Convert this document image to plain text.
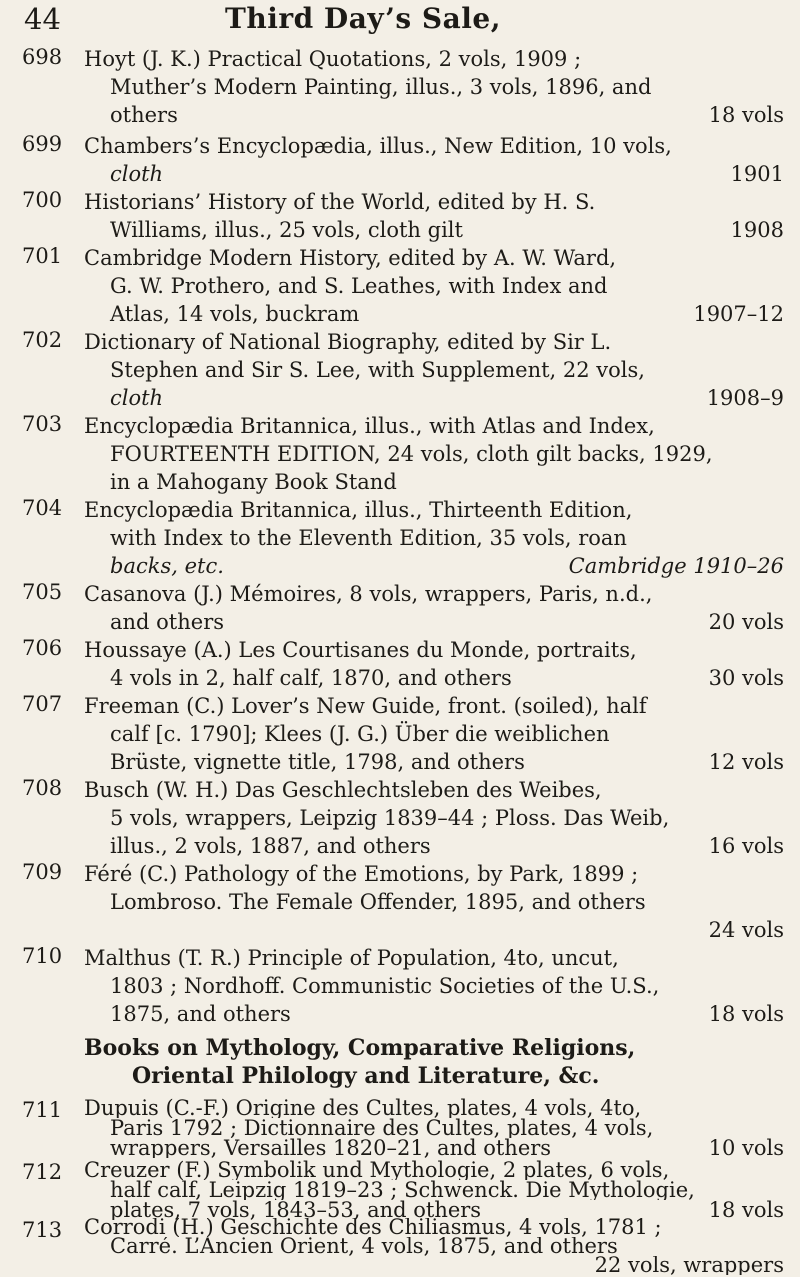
44	Third Day’s Sale,
698 Hoyt (J. K.) Practical Quotations, 2 vols, 1909 ;
Muther’s Modern Painting, illus., 3 vols, 1896, and
others	18 vols
699 Chambers’s Encyclopædia, illus., New Edition, 10 vols,
cloth	1901
700 Historians’ History of the World, edited by H. S.
Williams, illus., 25 vols, cloth gilt	1908
701 Cambridge Modern History, edited by A. W. Ward,
G. W. Prothero, and S. Leathes, with Index and
Atlas, 14 vols, buckram	1907–12
702 Dictionary of National Biography, edited by Sir L.
Stephen and Sir S. Lee, with Supplement, 22 vols,
cloth	1908–9
703 Encyclopædia Britannica, illus., with Atlas and Index,
FOURTEENTH EDITION, 24 vols, cloth gilt backs, 1929,
in a Mahogany Book Stand
704 Encyclopædia Britannica, illus., Thirteenth Edition,
with Index to the Eleventh Edition, 35 vols, roan
backs, etc.	Cambridge 1910–26
705 Casanova (J.) Mémoires, 8 vols, wrappers, Paris, n.d.,
and others	20 vols
706 Houssaye (A.) Les Courtisanes du Monde, portraits,
4 vols in 2, half calf, 1870, and others	30 vols
707 Freeman (C.) Lover’s New Guide, front. (soiled), half
calf [c. 1790]; Klees (J. G.) Über die weiblichen
Brüste, vignette title, 1798, and others	12 vols
708 Busch (W. H.) Das Geschlechtsleben des Weibes,
5 vols, wrappers, Leipzig 1839–44 ; Ploss. Das Weib,
illus., 2 vols, 1887, and others	16 vols
709 Féré (C.) Pathology of the Emotions, by Park, 1899 ;
Lombroso. The Female Offender, 1895, and others
24 vols
710 Malthus (T. R.) Principle of Population, 4to, uncut,
1803 ; Nordhoff. Communistic Societies of the U.S.,
1875, and others	18 vols
Books on Mythology, Comparative Religions,
Oriental Philology and Literature, &c.
711 Dupuis (C.-F.) Origine des Cultes, plates, 4 vols, 4to,
Paris 1792 ; Dictionnaire des Cultes, plates, 4 vols,
wrappers, Versailles 1820–21, and others	10 vols
712 Creuzer (F.) Symbolik und Mythologie, 2 plates, 6 vols,
half calf, Leipzig 1819–23 ; Schwenck. Die Mythologie,
plates, 7 vols, 1843–53, and others	18 vols
713 Corrodi (H.) Geschichte des Chiliasmus, 4 vols, 1781 ;
Carré. L’Ancien Orient, 4 vols, 1875, and others
22 vols, wrappers
